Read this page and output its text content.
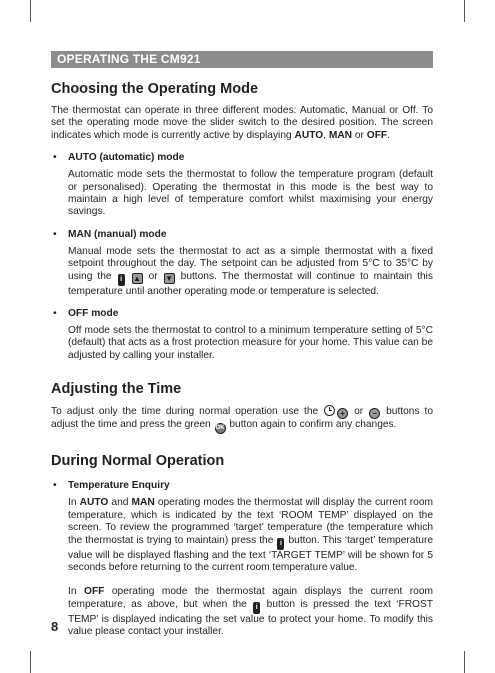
OPERATING THE CM921
Choosing the Operating Mode

The thermostat can operate in three different modes: Automatic, Manual or Off. To set the operating mode move the slider switch to the desired position. The screen indicates which mode is currently active by displaying AUTO, MAN or OFF.

• AUTO (automatic) mode

Automatic mode sets the thermostat to follow the temperature program (default or personalised). Operating the thermostat in this mode is the best way to maintain a high level of temperature comfort whilst maximising your energy savings.

• MAN (manual) mode

Manual mode sets the thermostat to act as a simple thermostat with a fixed setpoint throughout the day. The setpoint can be adjusted from 5°C to 35°C by using the i ▲ or ▼ buttons. The thermostat will continue to maintain this temperature until another operating mode or temperature is selected.

• OFF mode

Off mode sets the thermostat to control to a minimum temperature setting of 5°C (default) that acts as a frost protection measure for your home. This value can be adjusted by calling your installer.

Adjusting the Time

To adjust only the time during normal operation use the + or − buttons to adjust the time and press the green OK button again to confirm any changes.

During Normal Operation
• Temperature Enquiry

In AUTO and MAN operating modes the thermostat will display the current room temperature, which is indicated by the text ‘ROOM TEMP’ displayed on the screen. To review the programmed ‘target’ temperature (the temperature which the thermostat is trying to maintain) press the i button. This ‘target’ temperature value will be displayed flashing and the text ‘TARGET TEMP’ will be shown for 5 seconds before returning to the current room temperature value.

In OFF operating mode the thermostat again displays the current room temperature, as above, but when the i button is pressed the text ‘FROST TEMP’ is displayed indicating the set value to protect your home. To modify this value please contact your installer.

8
